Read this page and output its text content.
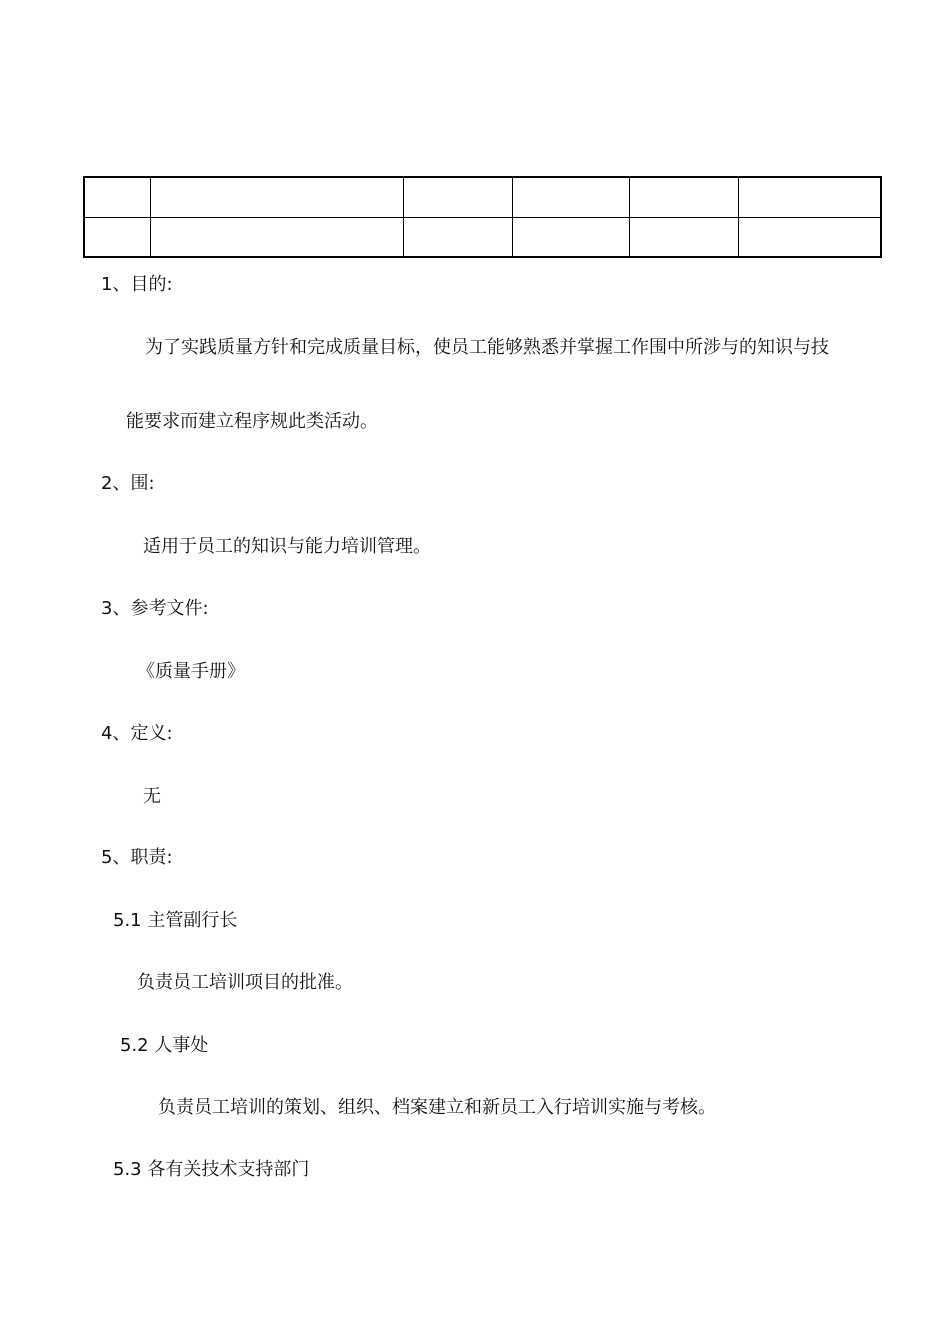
1、目的:

为了实践质量方针和完成质量目标，使员工能够熟悉并掌握工作围中所涉与的知识与技

能要求而建立程序规此类活动。

2、围:

适用于员工的知识与能力培训管理。

3、参考文件:

《质量手册》

4、定义:

无

5、职责:

5.1 主管副行长

负责员工培训项目的批准。

5.2 人事处

负责员工培训的策划、组织、档案建立和新员工入行培训实施与考核。

5.3 各有关技术支持部门
